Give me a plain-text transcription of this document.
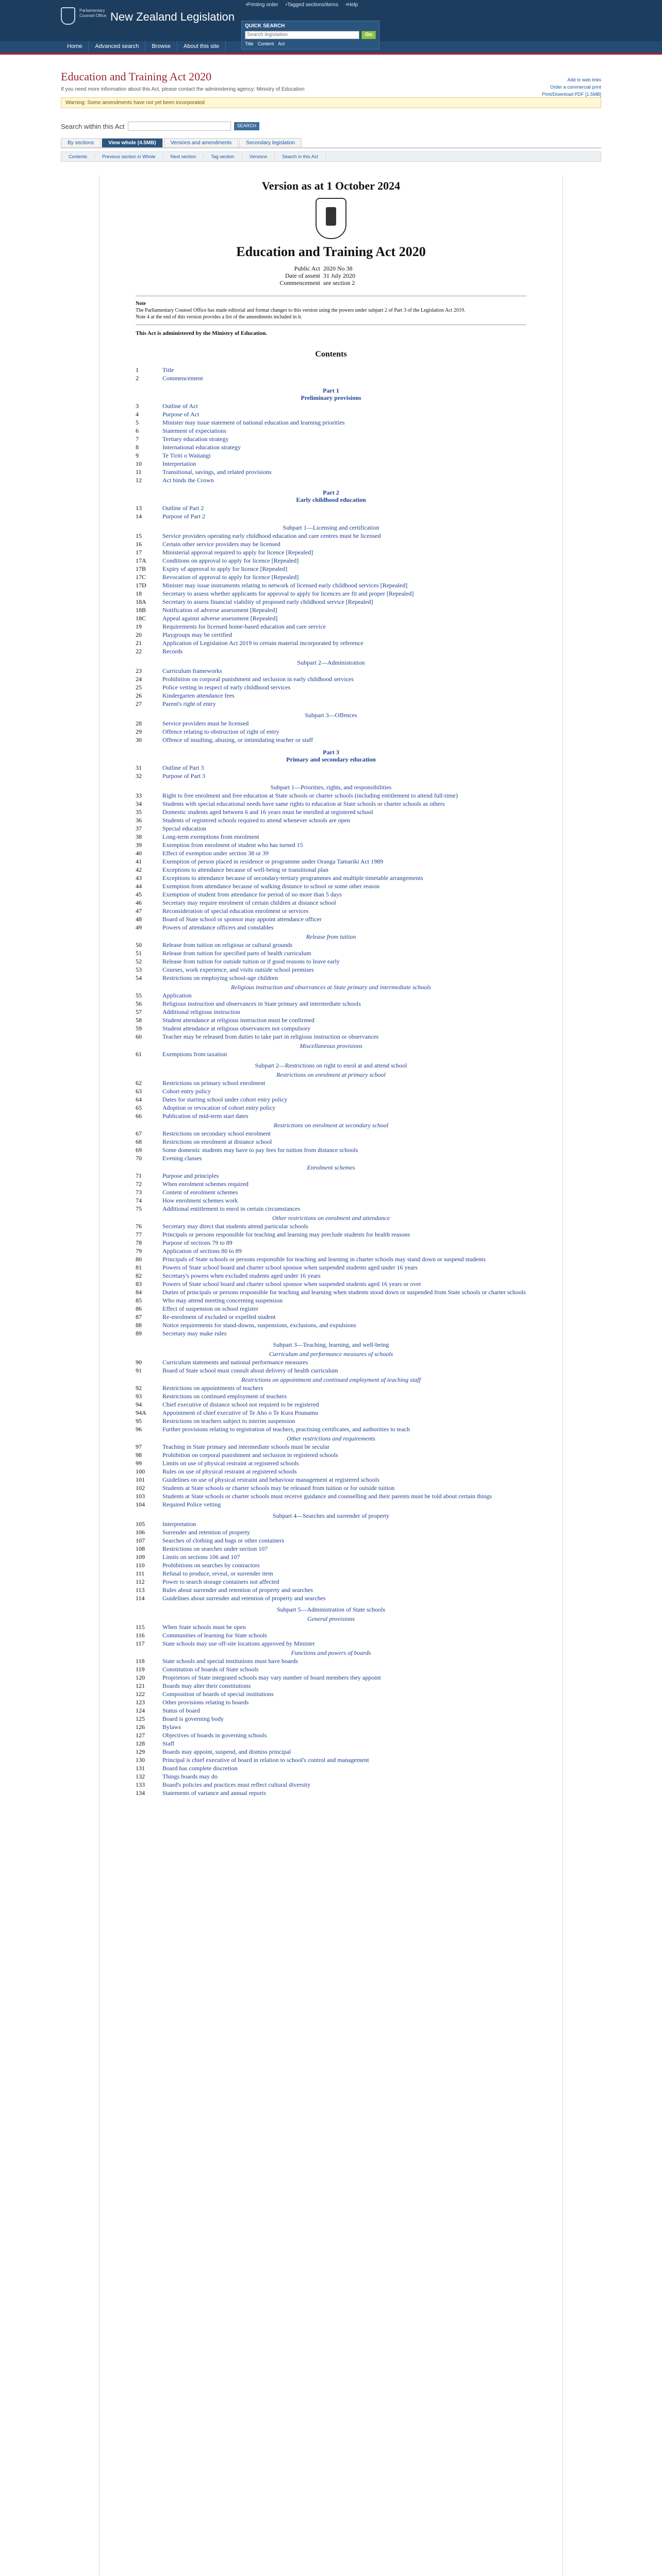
Parliamentary Counsel Office New Zealand Legislation
▪ Printing order	▪ Tagged sections/items	▪ Help
QUICK SEARCH
Search legislation	Go
Title Content Act
Home	Advanced search	Browse	About this site
Add to web links
Order a commercial print
Print/Download PDF [1.5MB]
Education and Training Act 2020
If you need more information about this Act, please contact the administering agency: Ministry of Education
Warning: Some amendments have not yet been incorporated
Search within this Act	SEARCH
By sections	View whole (4.5MB)	Versions and amendments	Secondary legislation
Contents	Previous section in Whole	Next section	Tag section	Versions	Search in this Act
Version as at 1 October 2024
Education and Training Act 2020
Public Act 2020 No 38
Date of assent 31 July 2020
Commencement see section 2
Note
The Parliamentary Counsel Office has made editorial and format changes to this version using the powers under subpart 2 of Part 3 of the Legislation Act 2019.
Note 4 at the end of this version provides a list of the amendments included in it.
This Act is administered by the Ministry of Education.
Contents
1	Title
2	Commencement
Part 1
Preliminary provisions
3	Outline of Act
4	Purpose of Act
5	Minister may issue statement of national education and learning priorities
6	Statement of expectations
7	Tertiary education strategy
8	International education strategy
9	Te Tiriti o Waitangi
10	Interpretation
11	Transitional, savings, and related provisions
12	Act binds the Crown
Part 2
Early childhood education
13	Outline of Part 2
14	Purpose of Part 2
Subpart 1—Licensing and certification
15	Service providers operating early childhood education and care centres must be licensed
16	Certain other service providers may be licensed
17	Ministerial approval required to apply for licence [Repealed]
17A	Conditions on approval to apply for licence [Repealed]
17B	Expiry of approval to apply for licence [Repealed]
17C	Revocation of approval to apply for licence [Repealed]
17D	Minister may issue instruments relating to network of licensed early childhood services [Repealed]
18	Secretary to assess whether applicants for approval to apply for licences are fit and proper [Repealed]
18A	Secretary to assess financial viability of proposed early childhood service [Repealed]
18B	Notification of adverse assessment [Repealed]
18C	Appeal against adverse assessment [Repealed]
19	Requirements for licensed home-based education and care service
20	Playgroups may be certified
21	Application of Legislation Act 2019 to certain material incorporated by reference
22	Records
Subpart 2—Administration
23	Curriculum frameworks
24	Prohibition on corporal punishment and seclusion in early childhood services
25	Police vetting in respect of early childhood services
26	Kindergarten attendance fees
27	Parent's right of entry
Subpart 3—Offences
28	Service providers must be licensed
29	Offence relating to obstruction of right of entry
30	Offence of insulting, abusing, or intimidating teacher or staff
Part 3
Primary and secondary education
31	Outline of Part 3
32	Purpose of Part 3
Subpart 1—Priorities, rights, and responsibilities
33	Right to free enrolment and free education at State schools or charter schools (including entitlement to attend full-time)
34	Students with special educational needs have same rights to education at State schools or charter schools as others
35	Domestic students aged between 6 and 16 years must be enrolled at registered school
36	Students of registered schools required to attend whenever schools are open
37	Special education
38	Long-term exemptions from enrolment
39	Exemption from enrolment of student who has turned 15
40	Effect of exemption under section 38 or 39
41	Exemption of person placed in residence or programme under Oranga Tamariki Act 1989
42	Exceptions to attendance because of well-being or transitional plan
43	Exceptions to attendance because of secondary-tertiary programmes and multiple timetable arrangements
44	Exemption from attendance because of walking distance to school or some other reason
45	Exemption of student from attendance for period of no more than 5 days
46	Secretary may require enrolment of certain children at distance school
47	Reconsideration of special education enrolment or services
48	Board of State school or sponsor may appoint attendance officer
49	Powers of attendance officers and constables
Release from tuition
50	Release from tuition on religious or cultural grounds
51	Release from tuition for specified parts of health curriculum
52	Release from tuition for outside tuition or if good reasons to leave early
53	Courses, work experience, and visits outside school premises
54	Restrictions on employing school-age children
Religious instruction and observances at State primary and intermediate schools
55	Application
56	Religious instruction and observances in State primary and intermediate schools
57	Additional religious instruction
58	Student attendance at religious instruction must be confirmed
59	Student attendance at religious observances not compulsory
60	Teacher may be released from duties to take part in religious instruction or observances
Miscellaneous provisions
61	Exemptions from taxation
Subpart 2—Restrictions on right to enrol at and attend school
Restrictions on enrolment at primary school
62	Restrictions on primary school enrolment
63	Cohort entry policy
64	Dates for starting school under cohort entry policy
65	Adoption or revocation of cohort entry policy
66	Publication of mid-term start dates
Restrictions on enrolment at secondary school
67	Restrictions on secondary school enrolment
68	Restrictions on enrolment at distance school
69	Some domestic students may have to pay fees for tuition from distance schools
70	Evening classes
Enrolment schemes
71	Purpose and principles
72	When enrolment schemes required
73	Content of enrolment schemes
74	How enrolment schemes work
75	Additional entitlement to enrol in certain circumstances
Other restrictions on enrolment and attendance
76	Secretary may direct that students attend particular schools
77	Principals or persons responsible for teaching and learning may preclude students for health reasons
78	Purpose of sections 79 to 89
79	Application of sections 80 to 89
80	Principals of State schools or persons responsible for teaching and learning in charter schools may stand down or suspend students
81	Powers of State school board and charter school sponsor when suspended students aged under 16 years
82	Secretary's powers when excluded students aged under 16 years
83	Powers of State school board and charter school sponsor when suspended students aged 16 years or over
84	Duties of principals or persons responsible for teaching and learning when students stood down or suspended from State schools or charter schools
85	Who may attend meeting concerning suspension
86	Effect of suspension on school register
87	Re-enrolment of excluded or expelled student
88	Notice requirements for stand-downs, suspensions, exclusions, and expulsions
89	Secretary may make rules
Subpart 3—Teaching, learning, and well-being
Curriculum and performance measures of schools
90	Curriculum statements and national performance measures
91	Board of State school must consult about delivery of health curriculum
Restrictions on appointment and continued employment of teaching staff
92	Restrictions on appointments of teachers
93	Restrictions on continued employment of teachers
94	Chief executive of distance school not required to be registered
94A	Appointment of chief executive of Te Aho o Te Kura Pounamu
95	Restrictions on teachers subject to interim suspension
96	Further provisions relating to registration of teachers, practising certificates, and authorities to teach
Other restrictions and requirements
97	Teaching in State primary and intermediate schools must be secular
98	Prohibition on corporal punishment and seclusion in registered schools
99	Limits on use of physical restraint at registered schools
100	Rules on use of physical restraint at registered schools
101	Guidelines on use of physical restraint and behaviour management at registered schools
102	Students at State schools or charter schools may be released from tuition or for outside tuition
103	Students at State schools or charter schools must receive guidance and counselling and their parents must be told about certain things
104	Required Police vetting
Subpart 4—Searches and surrender of property
105	Interpretation
106	Surrender and retention of property
107	Searches of clothing and bags or other containers
108	Restrictions on searches under section 107
109	Limits on sections 106 and 107
110	Prohibitions on searches by contractors
111	Refusal to produce, reveal, or surrender item
112	Power to search storage containers not affected
113	Rules about surrender and retention of property and searches
114	Guidelines about surrender and retention of property and searches
Subpart 5—Administration of State schools
General provisions
115	When State schools must be open
116	Communities of learning for State schools
117	State schools may use off-site locations approved by Minister
Functions and powers of boards
118	State schools and special institutions must have boards
119	Constitution of boards of State schools
120	Proprietors of State integrated schools may vary number of board members they appoint
121	Boards may alter their constitutions
122	Composition of boards of special institutions
123	Other provisions relating to boards
124	Status of board
125	Board is governing body
126	Bylaws
127	Objectives of boards in governing schools
128	Staff
129	Boards may appoint, suspend, and dismiss principal
130	Principal is chief executive of board in relation to school's control and management
131	Board has complete discretion
132	Things boards may do
133	Board's policies and practices must reflect cultural diversity
134	Statements of variance and annual reports
